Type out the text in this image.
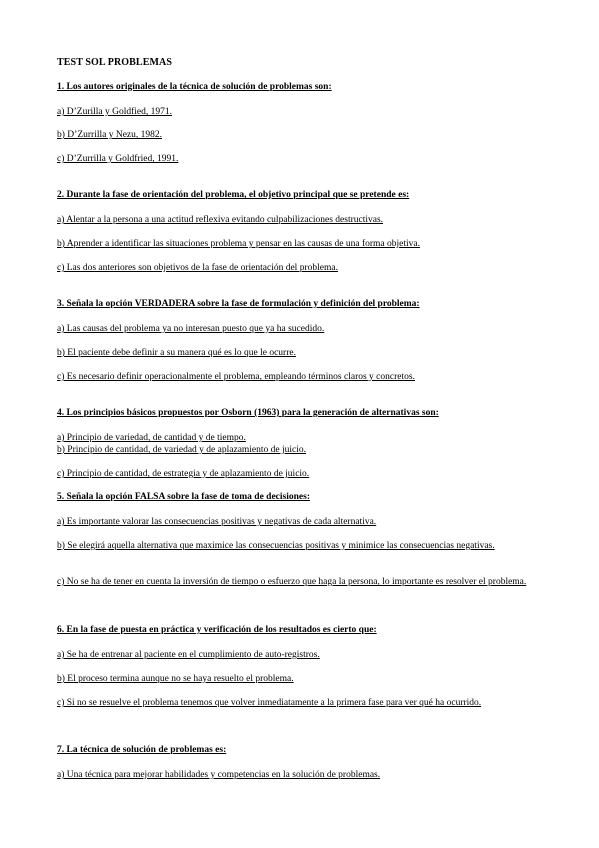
TEST SOL PROBLEMAS
1. Los autores originales de la técnica de solución de problemas son:
a) D’Zurilla y Goldfied, 1971.
b) D’Zurrilla y Nezu, 1982.
c) D’Zurrilla y Goldfried, 1991.
2. Durante la fase de orientación del problema, el objetivo principal que se pretende es:
a) Alentar a la persona a una actitud reflexiva evitando culpabilizaciones destructivas.
b) Aprender a identificar las situaciones problema y pensar en las causas de una forma objetiva.
c) Las dos anteriores son objetivos de la fase de orientación del problema.
3. Señala la opción VERDADERA sobre la fase de formulación y definición del problema:
a) Las causas del problema ya no interesan puesto que ya ha sucedido.
b) El paciente debe definir a su manera qué es lo que le ocurre.
c) Es necesario definir operacionalmente el problema, empleando términos claros y concretos.
4. Los principios básicos propuestos por Osborn (1963) para la generación de alternativas son:
a) Principio de variedad, de cantidad y de tiempo.
b) Principio de cantidad, de variedad y de aplazamiento de juicio.
c) Principio de cantidad, de estrategia y de aplazamiento de juicio.
5. Señala la opción FALSA sobre la fase de toma de decisiones:
a) Es importante valorar las consecuencias positivas y negativas de cada alternativa.
b) Se elegirá aquella alternativa que maximice las consecuencias positivas y minimice las consecuencias negativas.
c) No se ha de tener en cuenta la inversión de tiempo o esfuerzo que haga la persona, lo importante es resolver el problema.
6. En la fase de puesta en práctica y verificación de los resultados es cierto que:
a) Se ha de entrenar al paciente en el cumplimiento de auto-registros.
b) El proceso termina aunque no se haya resuelto el problema.
c) Si no se resuelve el problema tenemos que volver inmediatamente a la primera fase para ver qué ha ocurrido.
7. La técnica de solución de problemas es:
a) Una técnica para mejorar habilidades y competencias en la solución de problemas.
